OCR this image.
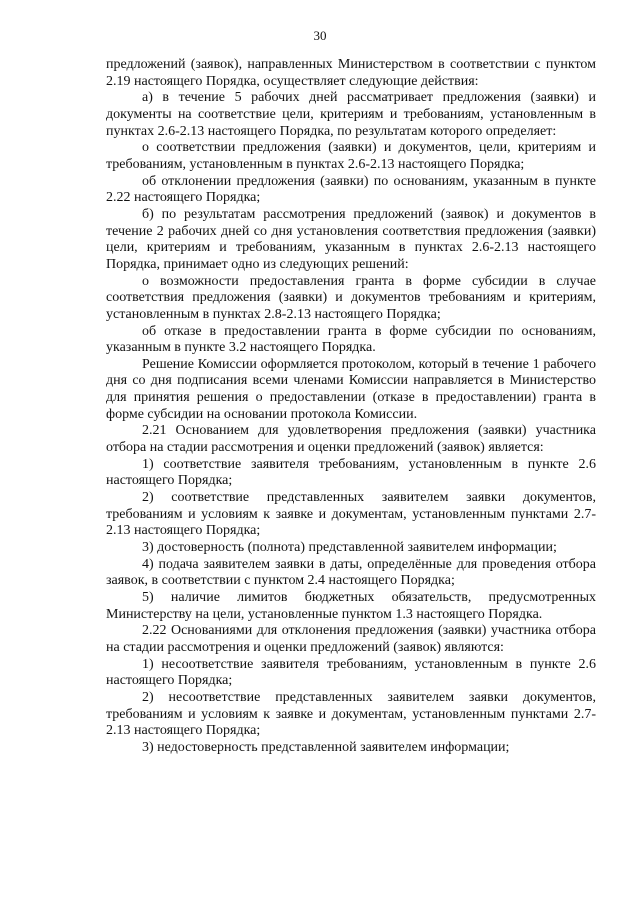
30

предложений (заявок), направленных Министерством в соответствии с пунктом 2.19 настоящего Порядка, осуществляет следующие действия:

а) в течение 5 рабочих дней рассматривает предложения (заявки) и документы на соответствие цели, критериям и требованиям, установленным в пунктах 2.6-2.13 настоящего Порядка, по результатам которого определяет:

о соответствии предложения (заявки) и документов, цели, критериям и требованиям, установленным в пунктах 2.6-2.13 настоящего Порядка;

об отклонении предложения (заявки) по основаниям, указанным в пункте 2.22 настоящего Порядка;

б) по результатам рассмотрения предложений (заявок) и документов в течение 2 рабочих дней со дня установления соответствия предложения (заявки) цели, критериям и требованиям, указанным в пунктах 2.6-2.13 настоящего Порядка, принимает одно из следующих решений:

о возможности предоставления гранта в форме субсидии в случае соответствия предложения (заявки) и документов требованиям и критериям, установленным в пунктах 2.8-2.13 настоящего Порядка;

об отказе в предоставлении гранта в форме субсидии по основаниям, указанным в пункте 3.2 настоящего Порядка.

Решение Комиссии оформляется протоколом, который в течение 1 рабочего дня со дня подписания всеми членами Комиссии направляется в Министерство для принятия решения о предоставлении (отказе в предоставлении) гранта в форме субсидии на основании протокола Комиссии.

2.21 Основанием для удовлетворения предложения (заявки) участника отбора на стадии рассмотрения и оценки предложений (заявок) является:

1) соответствие заявителя требованиям, установленным в пункте 2.6 настоящего Порядка;

2) соответствие представленных заявителем заявки документов, требованиям и условиям к заявке и документам, установленным пунктами 2.7-2.13 настоящего Порядка;

3) достоверность (полнота) представленной заявителем информации;

4) подача заявителем заявки в даты, определённые для проведения отбора заявок, в соответствии с пунктом 2.4 настоящего Порядка;

5) наличие лимитов бюджетных обязательств, предусмотренных Министерству на цели, установленные пунктом 1.3 настоящего Порядка.

2.22 Основаниями для отклонения предложения (заявки) участника отбора на стадии рассмотрения и оценки предложений (заявок) являются:

1) несоответствие заявителя требованиям, установленным в пункте 2.6 настоящего Порядка;

2) несоответствие представленных заявителем заявки документов, требованиям и условиям к заявке и документам, установленным пунктами 2.7-2.13 настоящего Порядка;

3) недостоверность представленной заявителем информации;
